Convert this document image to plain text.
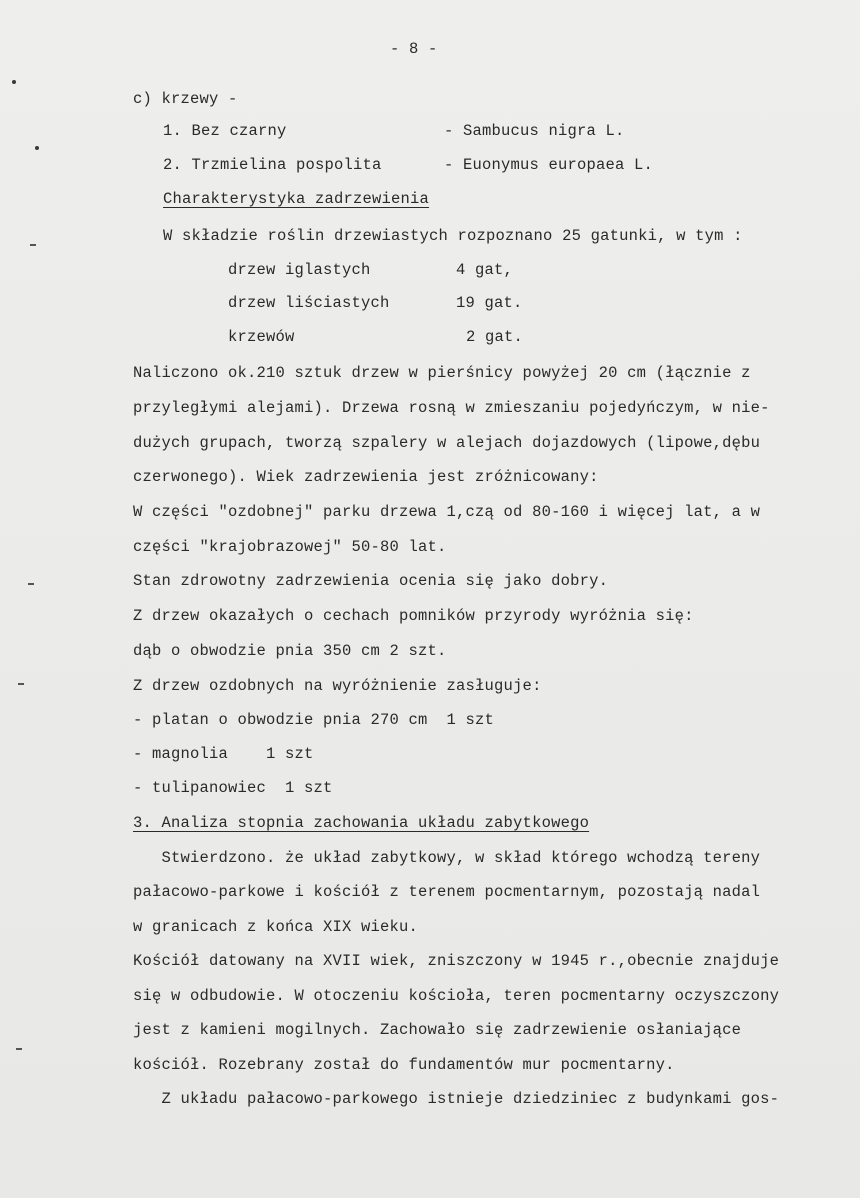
- 8 -
c) krzewy -
1. Bez czarny	- Sambucus nigra L.
2. Trzmielina pospolita	- Euonymus europaea L.
Charakterystyka zadrzewienia
W składzie roślin drzewiastych rozpoznano 25 gatunki, w tym :
drzew iglastych	4 gat,
drzew liściastych	19 gat.
krzewów	2 gat.
Naliczono ok.210 sztuk drzew w pierśnicy powyżej 20 cm (łącznie z
przyległymi alejami). Drzewa rosną w zmieszaniu pojedyńczym, w nie-
dużych grupach, tworzą szpalery w alejach dojazdowych (lipowe,dębu
czerwonego). Wiek zadrzewienia jest zróżnicowany:
W części "ozdobnej" parku drzewa 1,czą od 80-160 i więcej lat, a w
części "krajobrazowej" 50-80 lat.
Stan zdrowotny zadrzewienia ocenia się jako dobry.
Z drzew okazałych o cechach pomników przyrody wyróżnia się:
dąb o obwodzie pnia 350 cm 2 szt.
Z drzew ozdobnych na wyróżnienie zasługuje:
- platan o obwodzie pnia 270 cm  1 szt
- magnolia    1 szt
- tulipanowiec  1 szt
3. Analiza stopnia zachowania układu zabytkowego
Stwierdzono. że układ zabytkowy, w skład którego wchodzą tereny
pałacowo-parkowe i kościół z terenem pocmentarnym, pozostają nadal
w granicach z końca XIX wieku.
Kościół datowany na XVII wiek, zniszczony w 1945 r.,obecnie znajduje
się w odbudowie. W otoczeniu kościoła, teren pocmentarny oczyszczony
jest z kamieni mogilnych. Zachowało się zadrzewienie osłaniające
kościół. Rozebrany został do fundamentów mur pocmentarny.
Z układu pałacowo-parkowego istnieje dziedziniec z budynkami gos-
